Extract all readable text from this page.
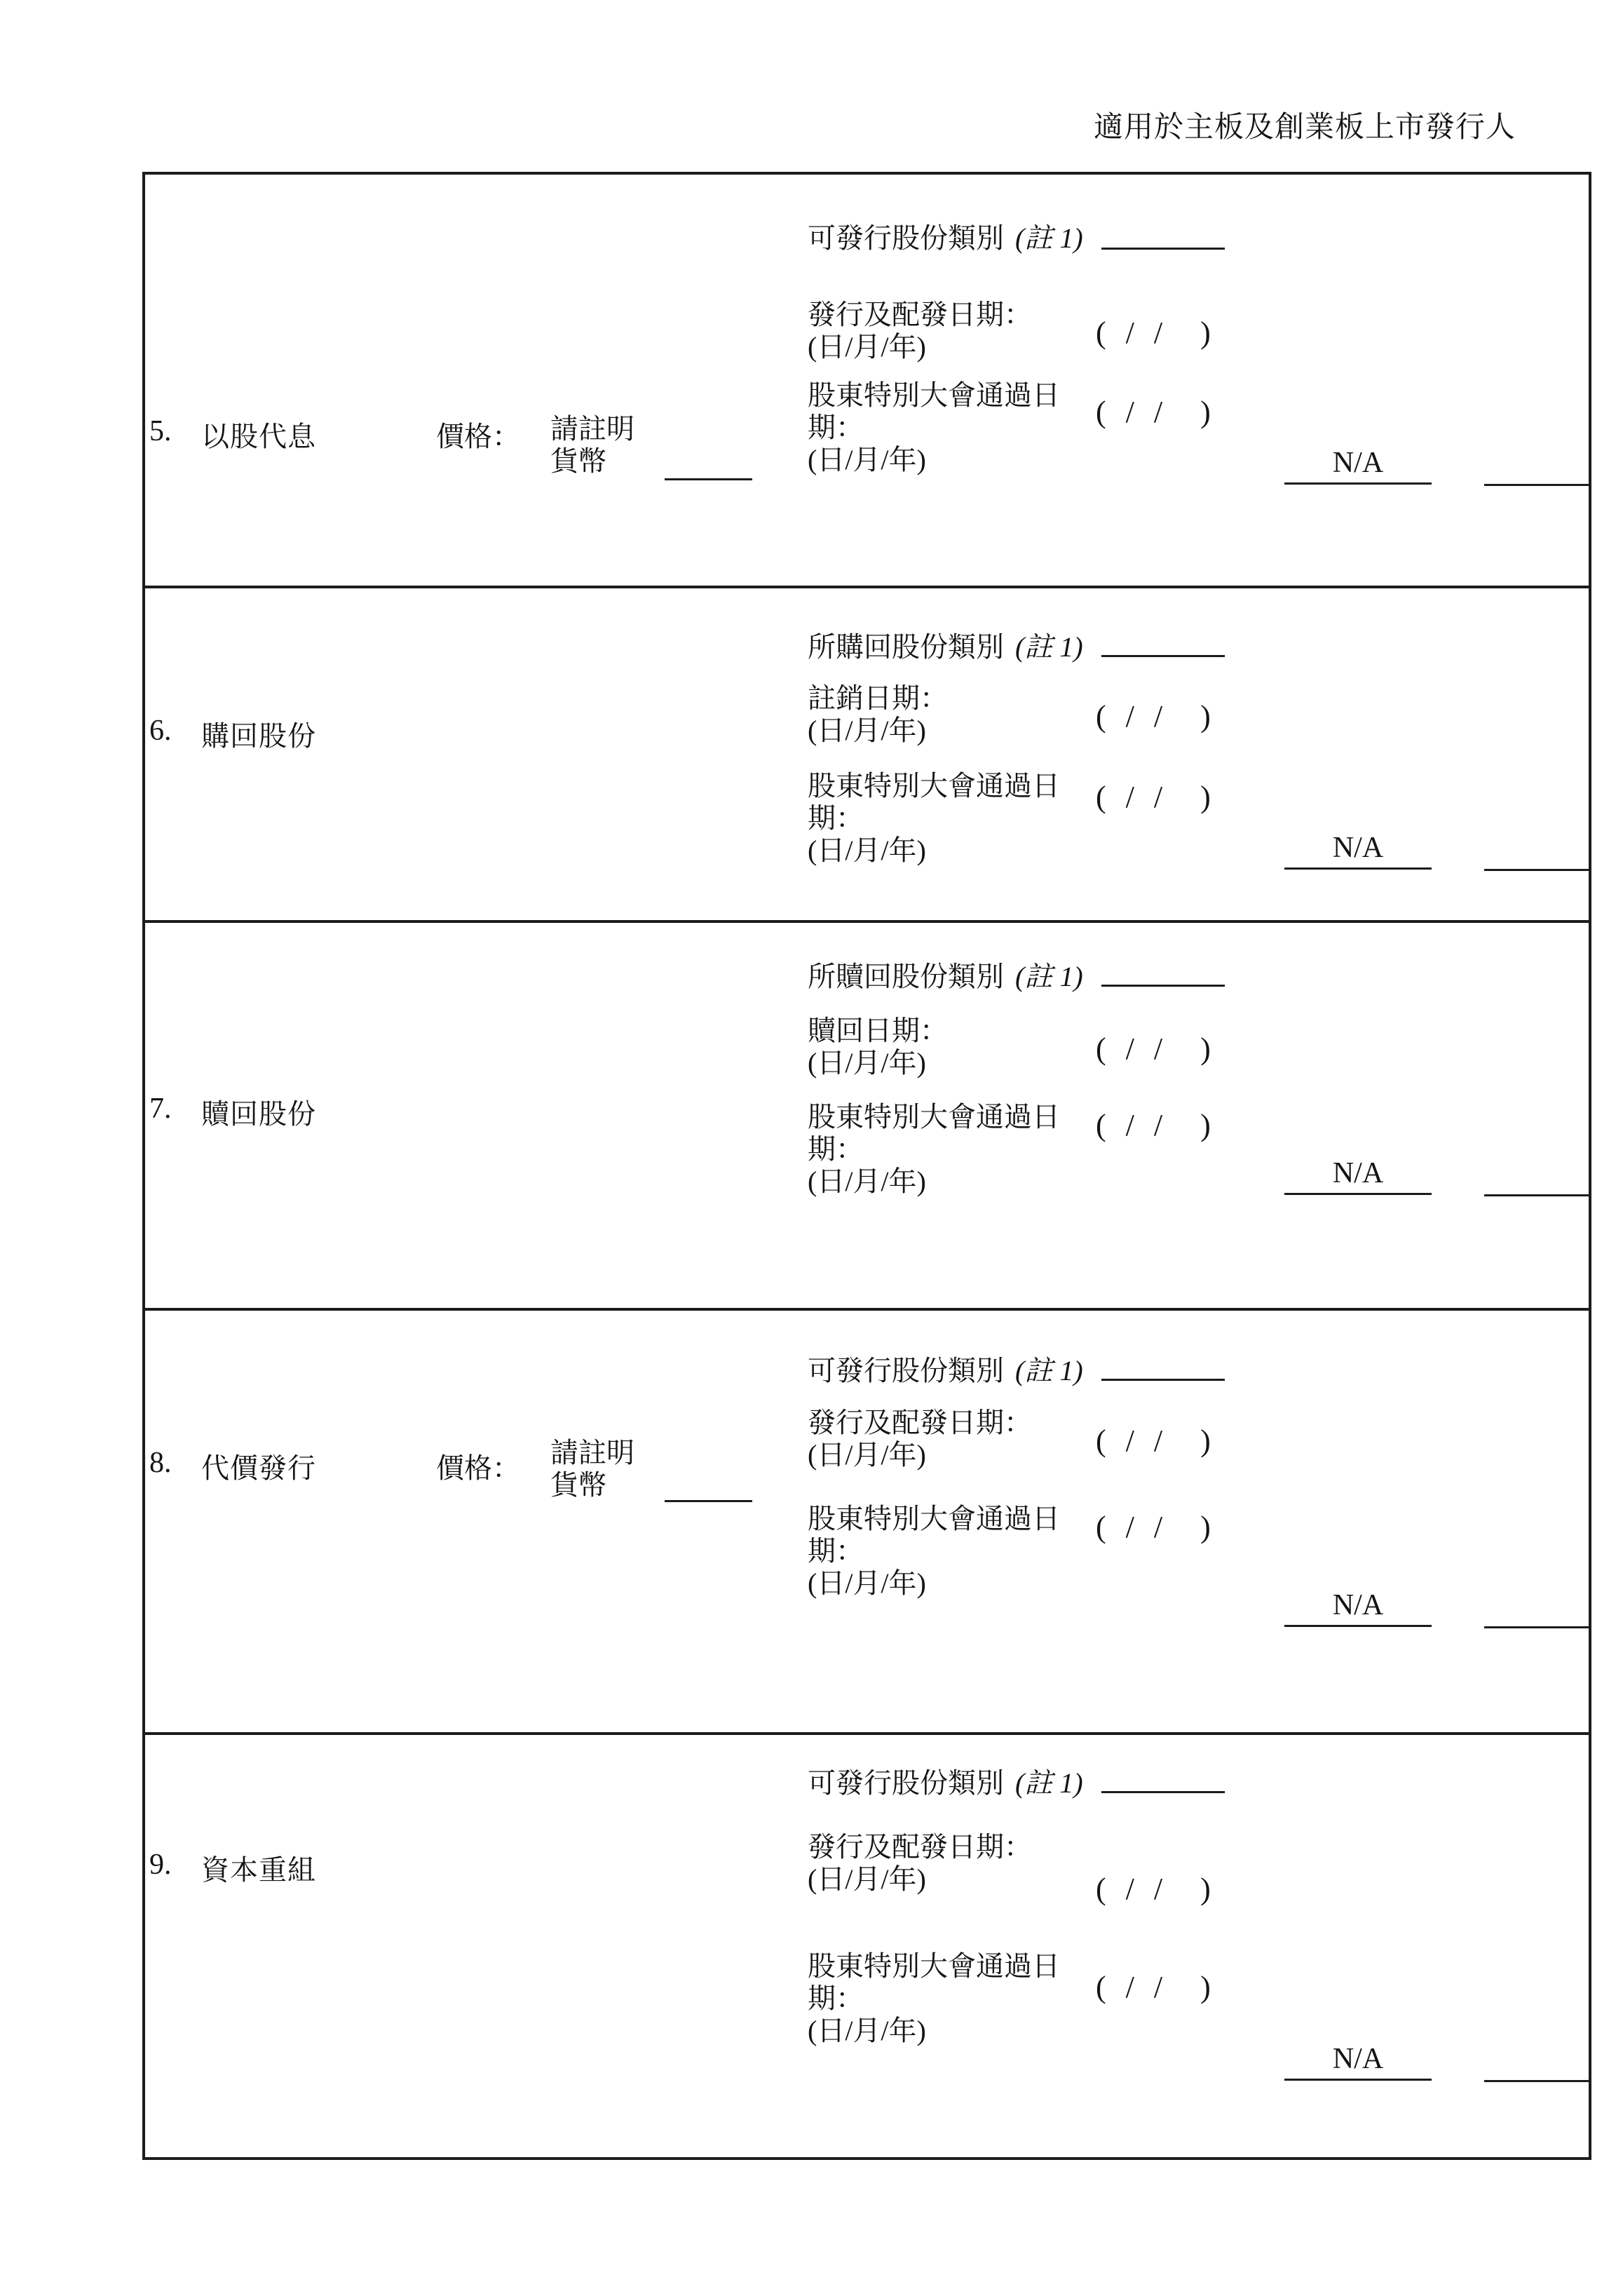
適用於主板及創業板上市發行人
5. 以股代息	價格： 請註明
貨幣
可發行股份類別 (註 1)
發行及配發日期：
(日/月/年)	(  /  /    )
股東特別大會通過日
期：
(日/月/年)
(  /  /    )
N/A
6. 購回股份
所購回股份類別 (註 1)
註銷日期：
(日/月/年)	(  /  /    )
股東特別大會通過日
期：
(日/月/年)
(  /  /    )
N/A
7. 贖回股份
所贖回股份類別 (註 1)
贖回日期：
(日/月/年)	(  /  /    )
股東特別大會通過日
期：
(日/月/年)
(  /  /    )
N/A
8. 代價發行	價格： 請註明
貨幣
可發行股份類別 (註 1)
發行及配發日期：
(日/月/年)	(  /  /    )
股東特別大會通過日
期：
(日/月/年)
(  /  /    )
N/A
9. 資本重組
可發行股份類別 (註 1)
發行及配發日期：
(日/月/年)	(  /  /    )
股東特別大會通過日
期：
(日/月/年)
(  /  /    )
N/A
